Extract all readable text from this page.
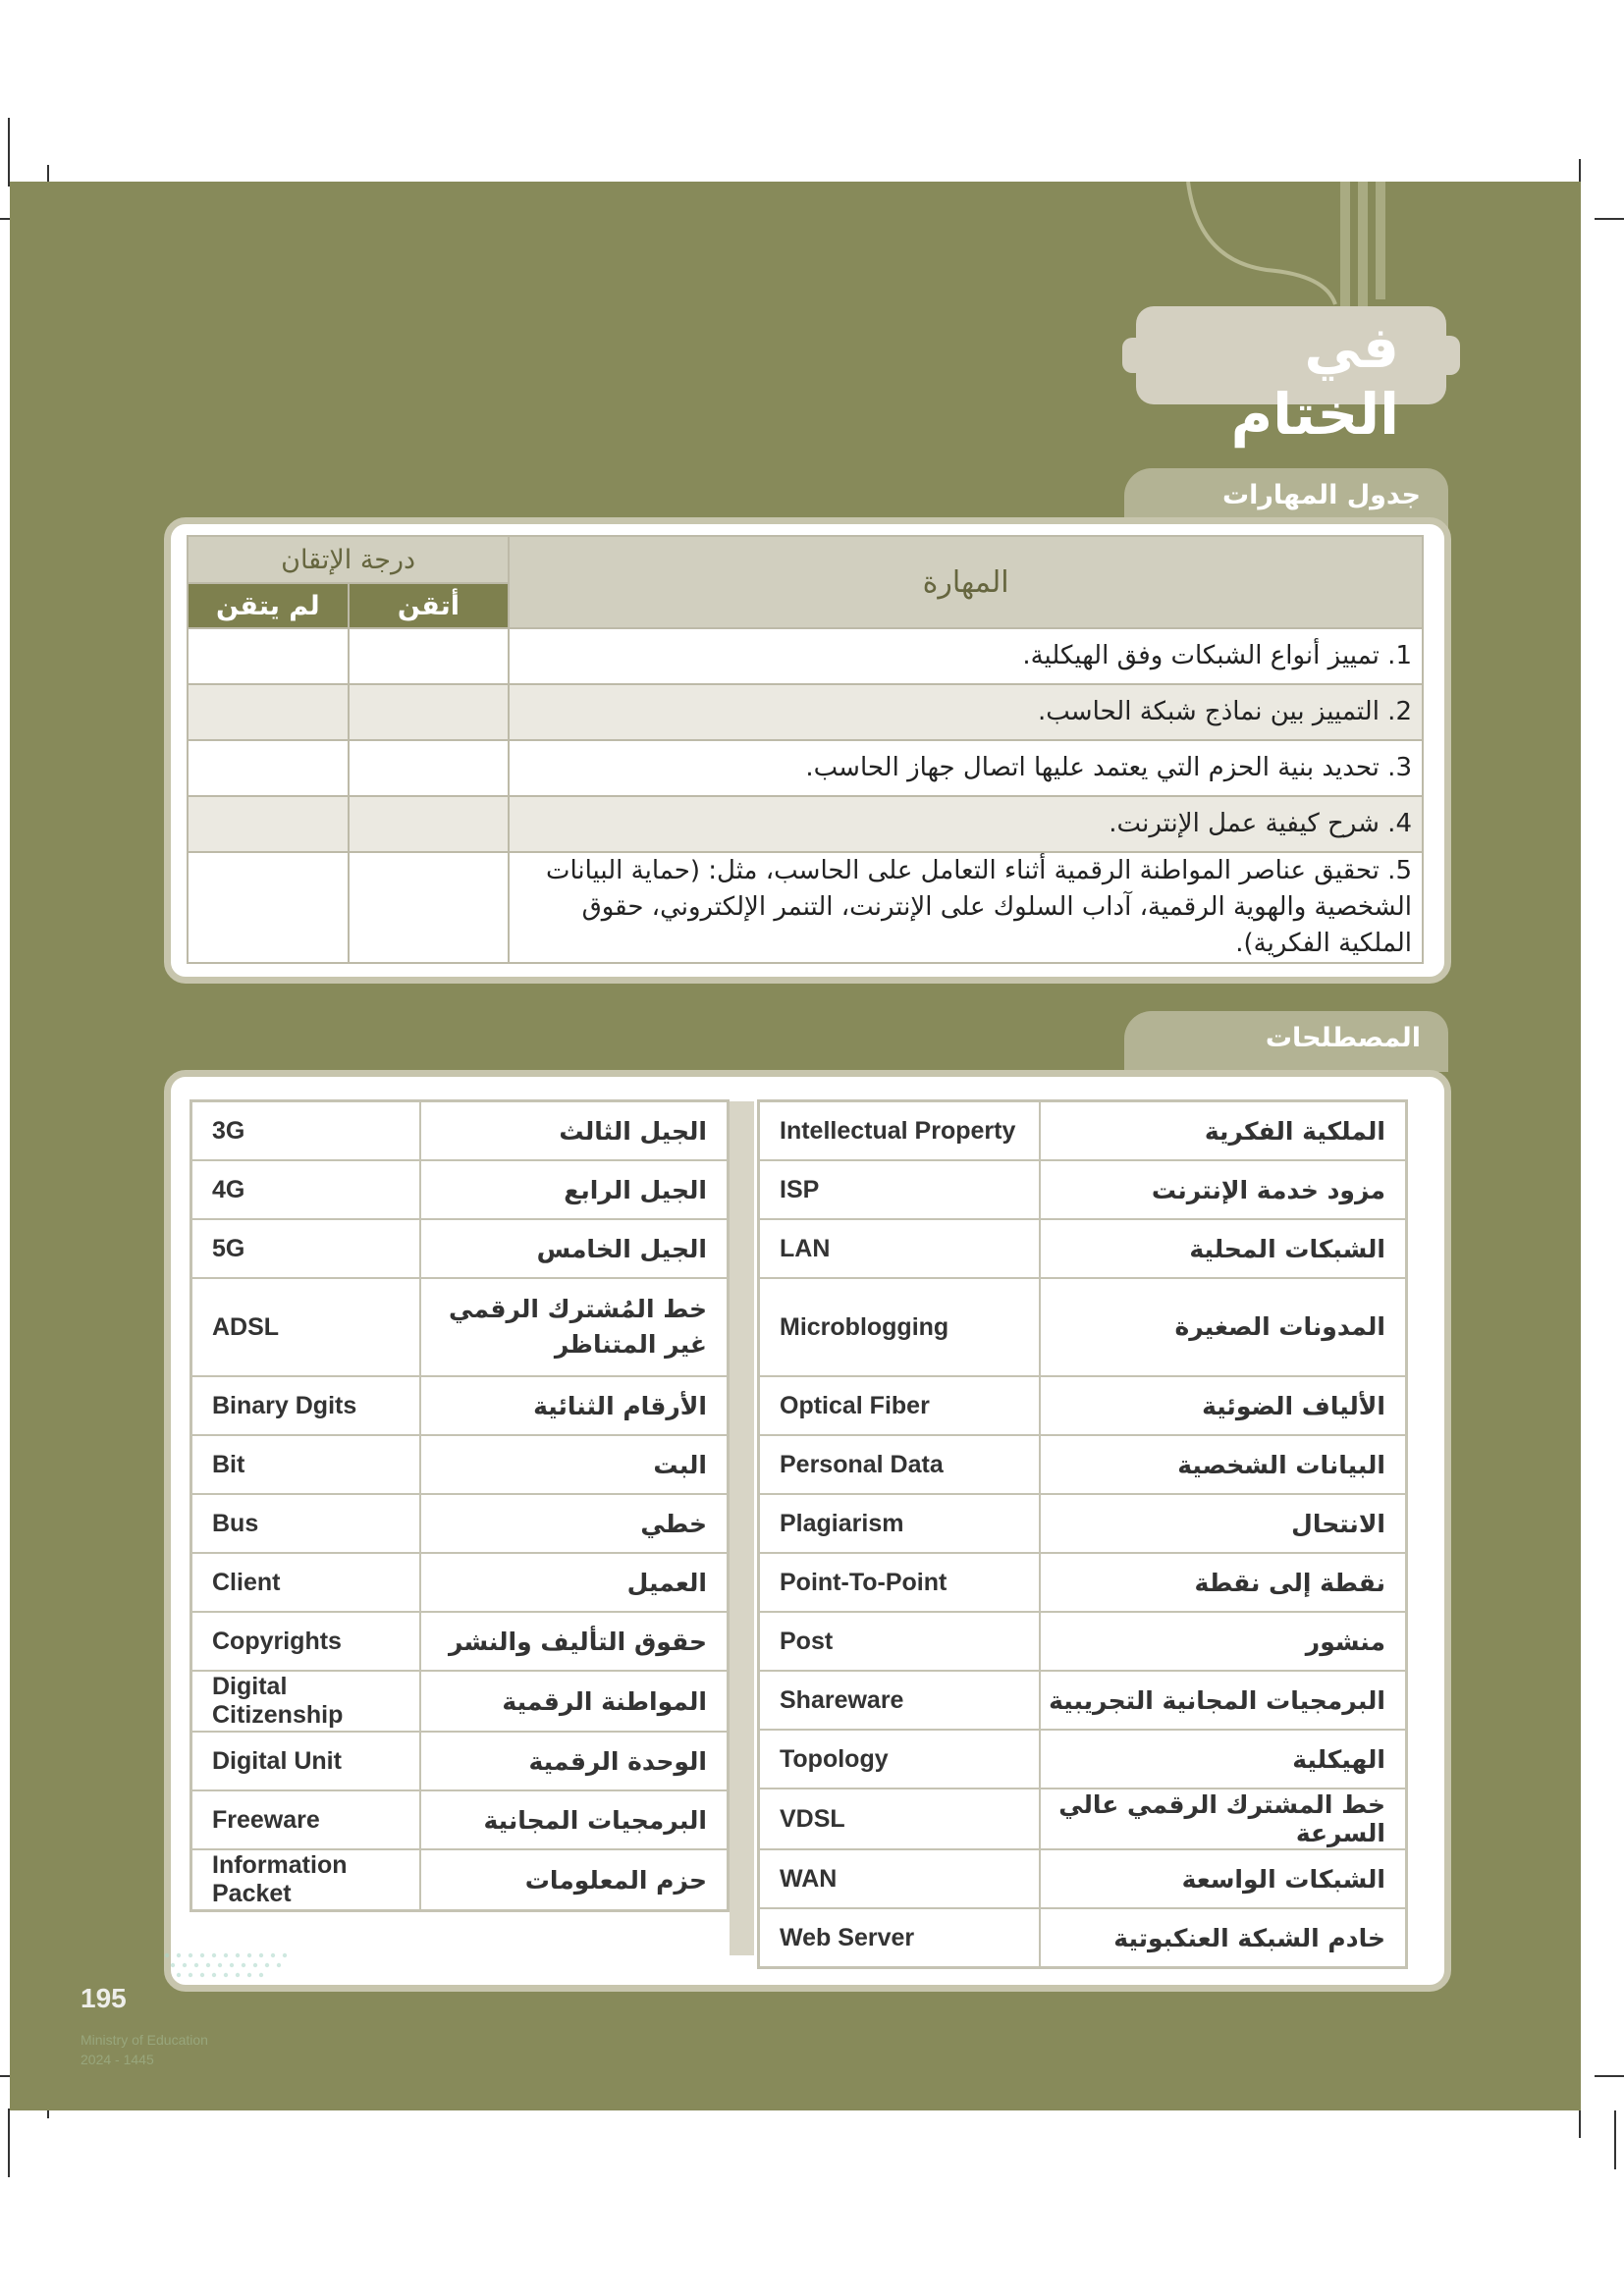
في الختام
جدول المهارات
المهارة	درجة الإتقان	
	أتقن	لم يتقن
1. تمييز أنواع الشبكات وفق الهيكلية.		
2. التمييز بين نماذج شبكة الحاسب.		
3. تحديد بنية الحزم التي يعتمد عليها اتصال جهاز الحاسب.		
4. شرح كيفية عمل الإنترنت.		
5. تحقيق عناصر المواطنة الرقمية أثناء التعامل على الحاسب، مثل: (حماية البيانات الشخصية والهوية الرقمية، آداب السلوك على الإنترنت، التنمر الإلكتروني، حقوق الملكية الفكرية).		
المصطلحات
الملكية الفكرية	Intellectual Property
مزود خدمة الإنترنت	ISP
الشبكات المحلية	LAN
المدونات الصغيرة	Microblogging
الألياف الضوئية	Optical Fiber
البيانات الشخصية	Personal Data
الانتحال	Plagiarism
نقطة إلى نقطة	Point-To-Point
منشور	Post
البرمجيات المجانية التجريبية	Shareware
الهيكلية	Topology
خط المشترك الرقمي عالي السرعة	VDSL
الشبكات الواسعة	WAN
خادم الشبكة العنكبوتية	Web Server
الجيل الثالث	3G
الجيل الرابع	4G
الجيل الخامس	5G
خط المُشترك الرقمي غير المتناظر	ADSL
الأرقام الثنائية	Binary Dgits
البت	Bit
خطي	Bus
العميل	Client
حقوق التأليف والنشر	Copyrights
المواطنة الرقمية	Digital Citizenship
الوحدة الرقمية	Digital Unit
البرمجيات المجانية	Freeware
حزم المعلومات	Information Packet
195
Ministry of Education
2024 - 1445
